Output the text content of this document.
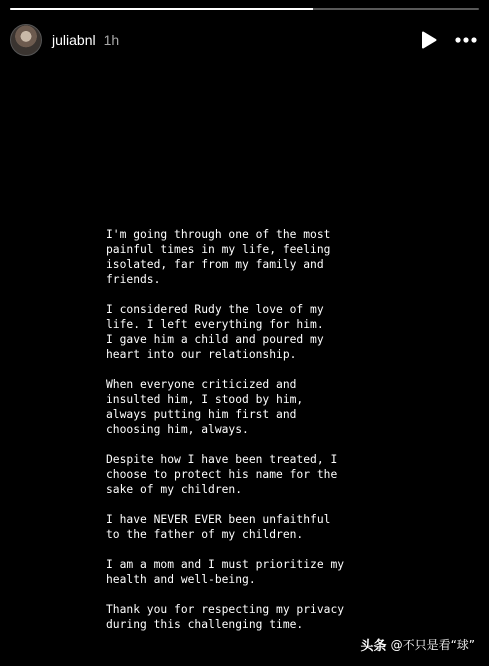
juliabnl 1h

I'm going through one of the most
painful times in my life, feeling
isolated, far from my family and
friends.

I considered Rudy the love of my
life. I left everything for him.
I gave him a child and poured my
heart into our relationship.

When everyone criticized and
insulted him, I stood by him,
always putting him first and
choosing him, always.

Despite how I have been treated, I
choose to protect his name for the
sake of my children.

I have NEVER EVER been unfaithful
to the father of my children.

I am a mom and I must prioritize my
health and well-being.

Thank you for respecting my privacy
during this challenging time.

头条 @不只是看“球”
